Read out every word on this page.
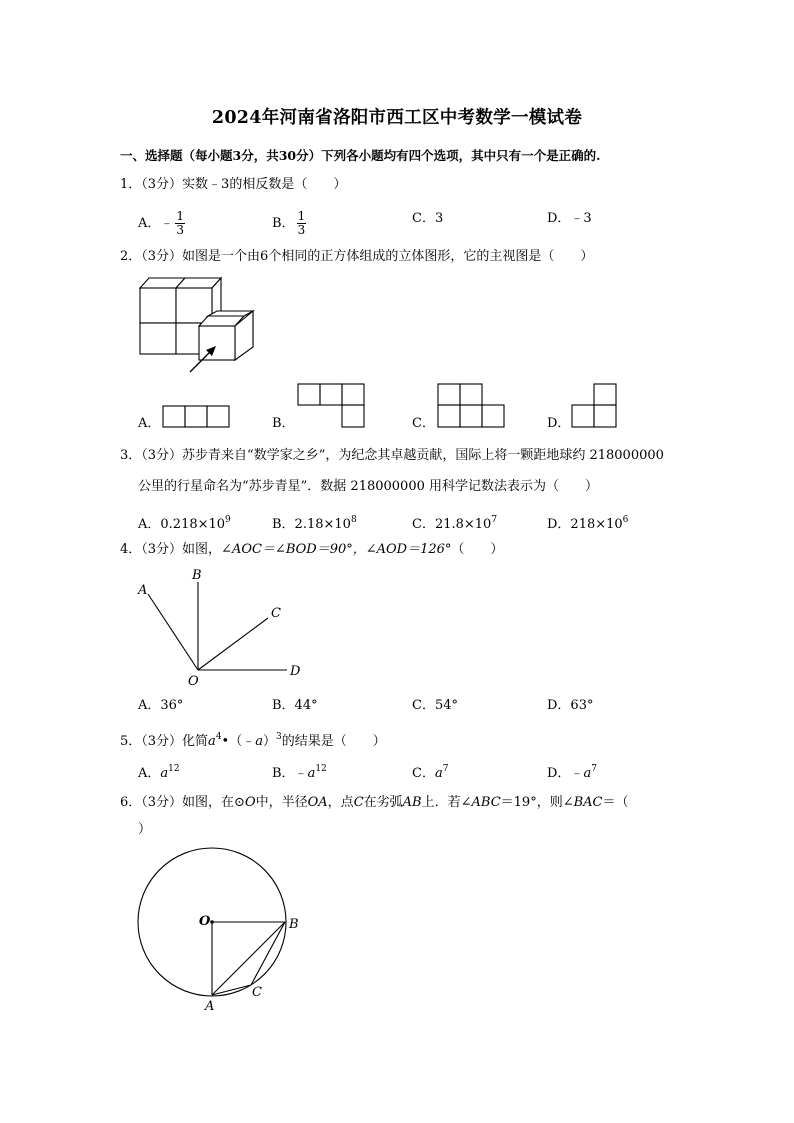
2024年河南省洛阳市西工区中考数学一模试卷
一、选择题（每小题3分，共30分）下列各小题均有四个选项，其中只有一个是正确的.
1．（3分）实数﹣3的相反数是（　　）
A．﹣ $\frac{1}{3}$	B． $\frac{1}{3}$	C．3	D．﹣3
2．（3分）如图是一个由6个相同的正方体组成的立体图形，它的主视图是（　　）
A．	B．	C．	D．
3．（3分）苏步青来自“数学家之乡”，为纪念其卓越贡献，国际上将一颗距地球约 218000000
公里的行星命名为“苏步青星”．数据 218000000 用科学记数法表示为（　　）
A．$0.218\times 10^9$	B．$2.18\times 10^8$	C．$21.8\times 10^7$	D．$218\times 10^6$
4．（3分）如图，∠AOC＝∠BOD＝90°，∠AOD＝126°（　　）
A
B
C
D
O
A．36°	B．44°	C．54°	D．63°
5．（3分）化简$a^4•(﹣a)^3$的结果是（　　）
A．$a^{12}$	B．$﹣a^{12}$	C．$a^7$	D．$﹣a^7$
6．（3分）如图，在⊙O中，半径OA，点C在劣弧AB上．若∠ABC＝19°，则∠BAC＝（
）
O	B
A
C
